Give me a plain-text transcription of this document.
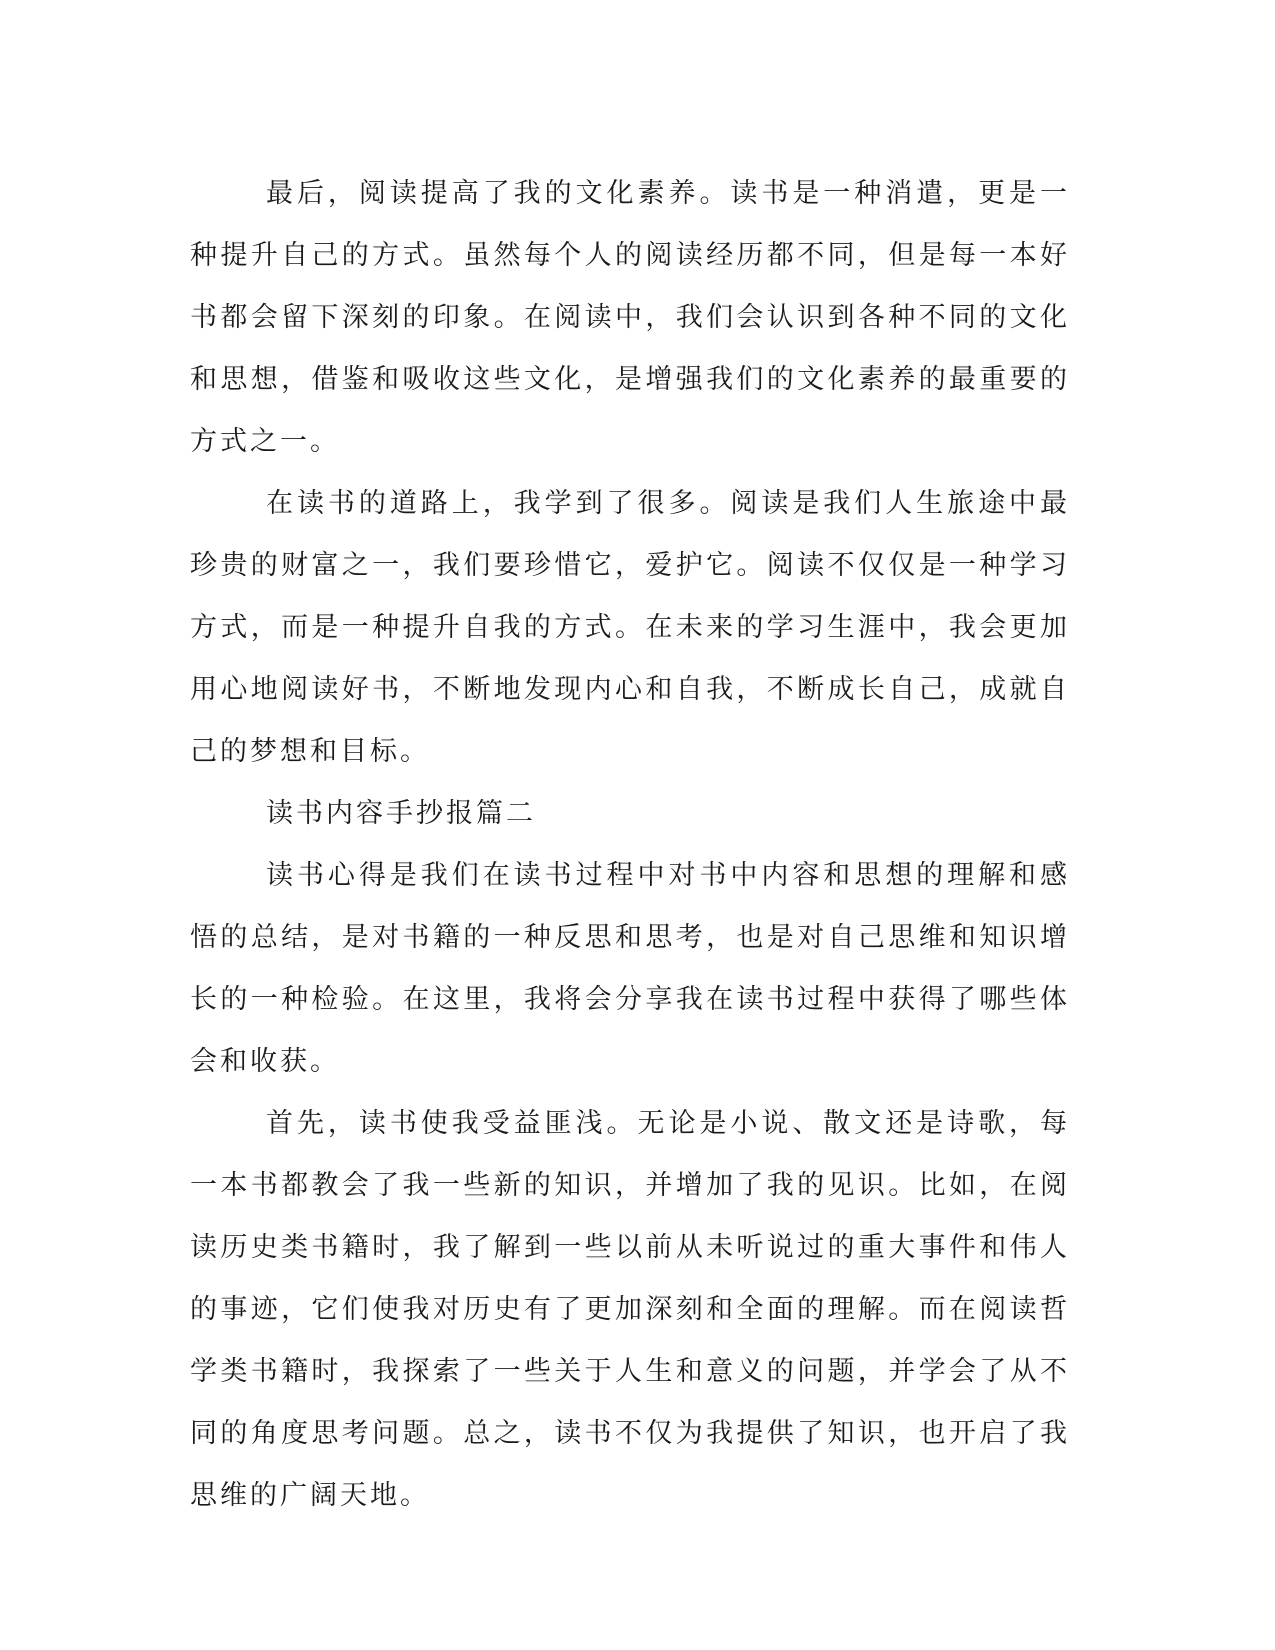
最后，阅读提高了我的文化素养。读书是一种消遣，更是一种提升自己的方式。虽然每个人的阅读经历都不同，但是每一本好书都会留下深刻的印象。在阅读中，我们会认识到各种不同的文化和思想，借鉴和吸收这些文化，是增强我们的文化素养的最重要的方式之一。

在读书的道路上，我学到了很多。阅读是我们人生旅途中最珍贵的财富之一，我们要珍惜它，爱护它。阅读不仅仅是一种学习方式，而是一种提升自我的方式。在未来的学习生涯中，我会更加用心地阅读好书，不断地发现内心和自我，不断成长自己，成就自己的梦想和目标。

读书内容手抄报篇二

读书心得是我们在读书过程中对书中内容和思想的理解和感悟的总结，是对书籍的一种反思和思考，也是对自己思维和知识增长的一种检验。在这里，我将会分享我在读书过程中获得了哪些体会和收获。

首先，读书使我受益匪浅。无论是小说、散文还是诗歌，每一本书都教会了我一些新的知识，并增加了我的见识。比如，在阅读历史类书籍时，我了解到一些以前从未听说过的重大事件和伟人的事迹，它们使我对历史有了更加深刻和全面的理解。而在阅读哲学类书籍时，我探索了一些关于人生和意义的问题，并学会了从不同的角度思考问题。总之，读书不仅为我提供了知识，也开启了我思维的广阔天地。
